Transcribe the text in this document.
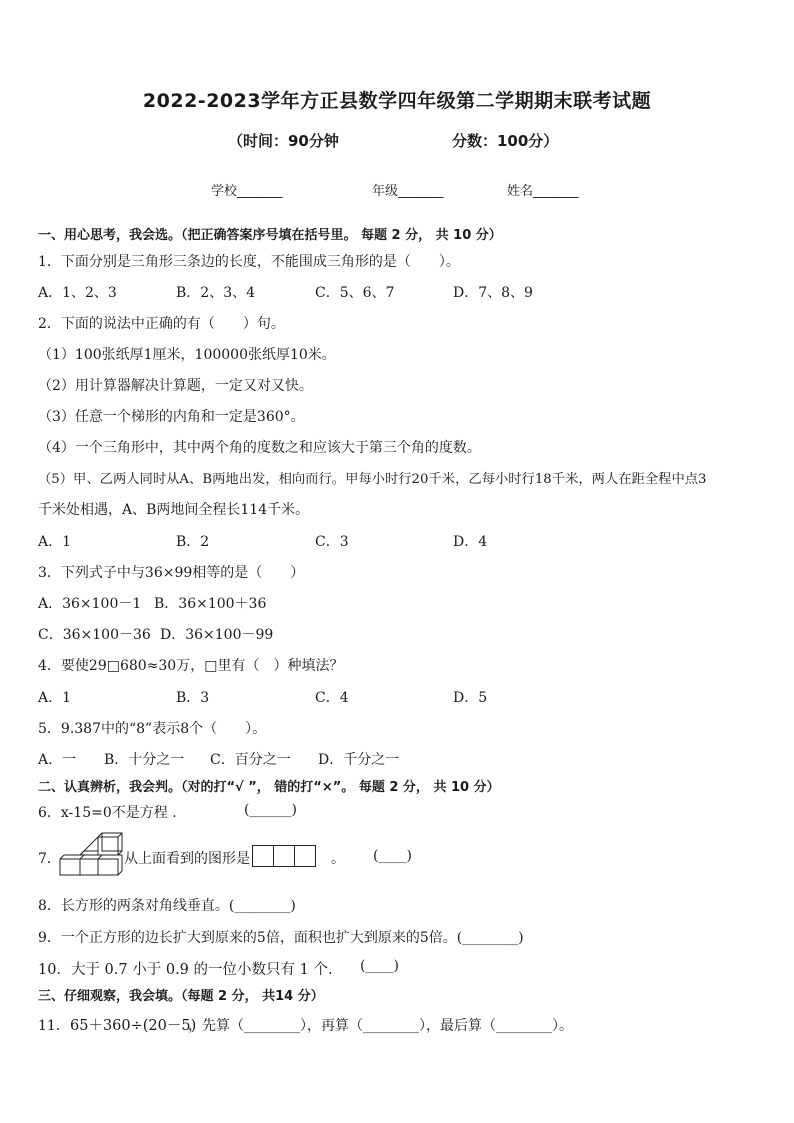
2022-2023学年方正县数学四年级第二学期期末联考试题
（时间：90分钟	分数：100分）
学校_______	年级_______	姓名_______
一、用心思考，我会选。（把正确答案序号填在括号里。 每题 2 分， 共 10 分）
1．下面分别是三角形三条边的长度，不能围成三角形的是（　　）。
A．1、2、3	B．2、3、4	C．5、6、7	D．7、8、9
2．下面的说法中正确的有（　　）句。
（1）100张纸厚1厘米，100000张纸厚10米。
（2）用计算器解决计算题，一定又对又快。
（3）任意一个梯形的内角和一定是360°。
（4）一个三角形中，其中两个角的度数之和应该大于第三个角的度数。
（5）甲、乙两人同时从A、B两地出发，相向而行。甲每小时行20千米，乙每小时行18千米，两人在距全程中点3
千米处相遇，A、B两地间全程长114千米。
A．1	B．2	C．3	D．4
3．下列式子中与36×99相等的是（　　）
A．36×100－1 B．36×100＋36
C．36×100－36 D．36×100－99
4．要使29□680≈30万，□里有（　）种填法？
A．1	B．3	C．4	D．5
5．9.387中的“8”表示8个（　　）。
A．一 B．十分之一 C．百分之一 D．千分之一
二、认真辨析，我会判。（对的打“√ ”， 错的打“×”。 每题 2 分， 共 10 分）
6．x-15=0不是方程 .	(______)
7．	从上面看到的图形是	。 (____)
8．长方形的两条对角线垂直。(________)
9．一个正方形的边长扩大到原来的5倍，面积也扩大到原来的5倍。(________)
10．大于 0.7 小于 0.9 的一位小数只有 1 个. (____)
三、仔细观察，我会填。（每题 2 分， 共14 分）
11． 65＋360÷(20－5)
，先算（________），再算（________），最后算（________）。
